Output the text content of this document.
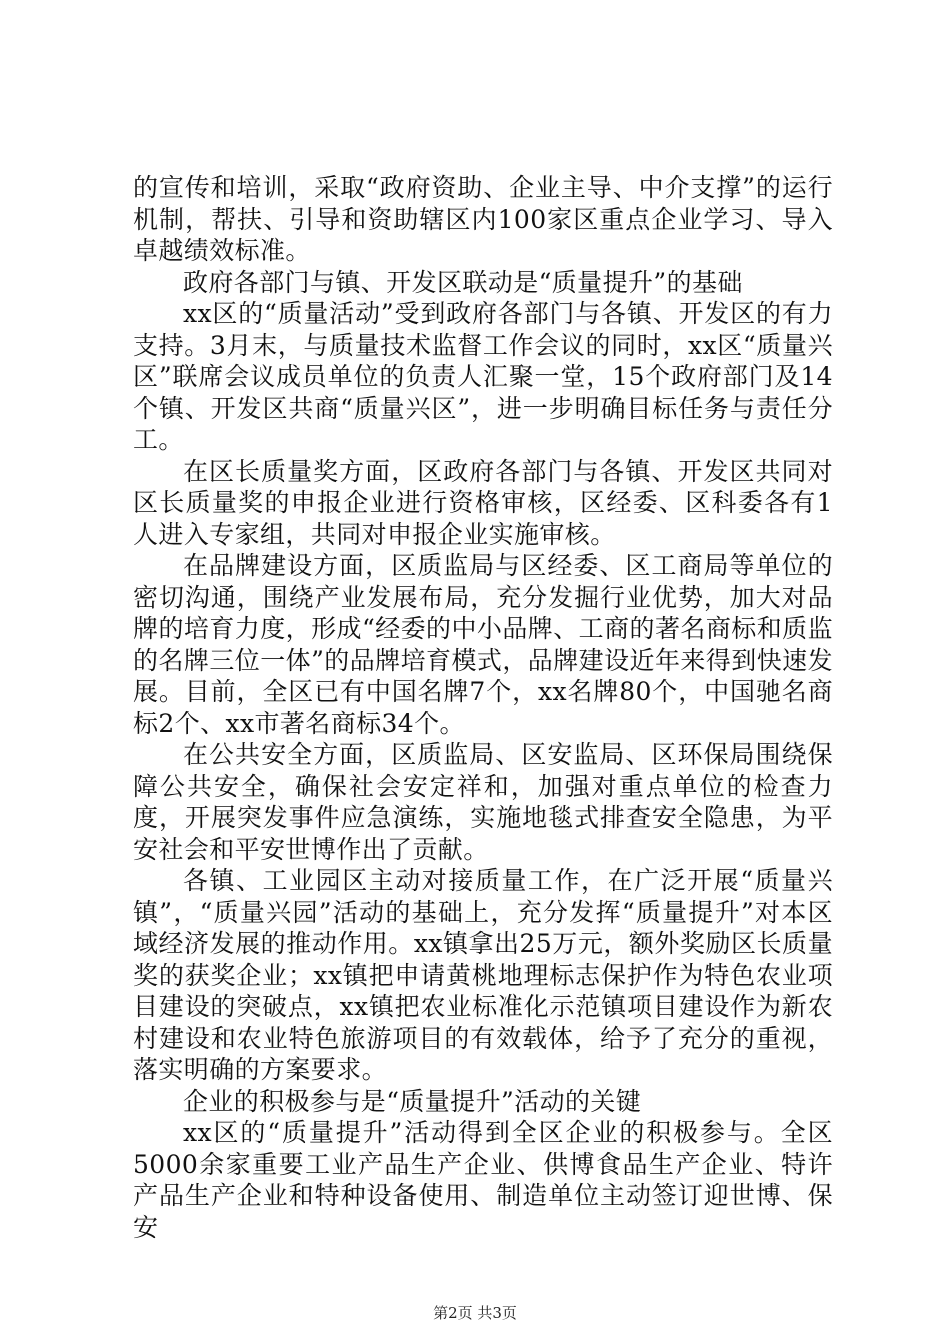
的宣传和培训，采取“政府资助、企业主导、中介支撑”的运行机制，帮扶、引导和资助辖区内100家区重点企业学习、导入卓越绩效标准。

政府各部门与镇、开发区联动是“质量提升”的基础

xx区的“质量活动”受到政府各部门与各镇、开发区的有力支持。3月末，与质量技术监督工作会议的同时，xx区“质量兴区”联席会议成员单位的负责人汇聚一堂，15个政府部门及14个镇、开发区共商“质量兴区”，进一步明确目标任务与责任分工。

在区长质量奖方面，区政府各部门与各镇、开发区共同对区长质量奖的申报企业进行资格审核，区经委、区科委各有1人进入专家组，共同对申报企业实施审核。

在品牌建设方面，区质监局与区经委、区工商局等单位的密切沟通，围绕产业发展布局，充分发掘行业优势，加大对品牌的培育力度，形成“经委的中小品牌、工商的著名商标和质监的名牌三位一体”的品牌培育模式，品牌建设近年来得到快速发展。目前，全区已有中国名牌7个，xx名牌80个，中国驰名商标2个、xx市著名商标34个。

在公共安全方面，区质监局、区安监局、区环保局围绕保障公共安全，确保社会安定祥和，加强对重点单位的检查力度，开展突发事件应急演练，实施地毯式排查安全隐患，为平安社会和平安世博作出了贡献。

各镇、工业园区主动对接质量工作，在广泛开展“质量兴镇”，“质量兴园”活动的基础上，充分发挥“质量提升”对本区域经济发展的推动作用。xx镇拿出25万元，额外奖励区长质量奖的获奖企业；xx镇把申请黄桃地理标志保护作为特色农业项目建设的突破点，xx镇把农业标准化示范镇项目建设作为新农村建设和农业特色旅游项目的有效载体，给予了充分的重视，落实明确的方案要求。

企业的积极参与是“质量提升”活动的关键

xx区的“质量提升”活动得到全区企业的积极参与。全区5000余家重要工业产品生产企业、供博食品生产企业、特许产品生产企业和特种设备使用、制造单位主动签订迎世博、保安

第2页 共3页
